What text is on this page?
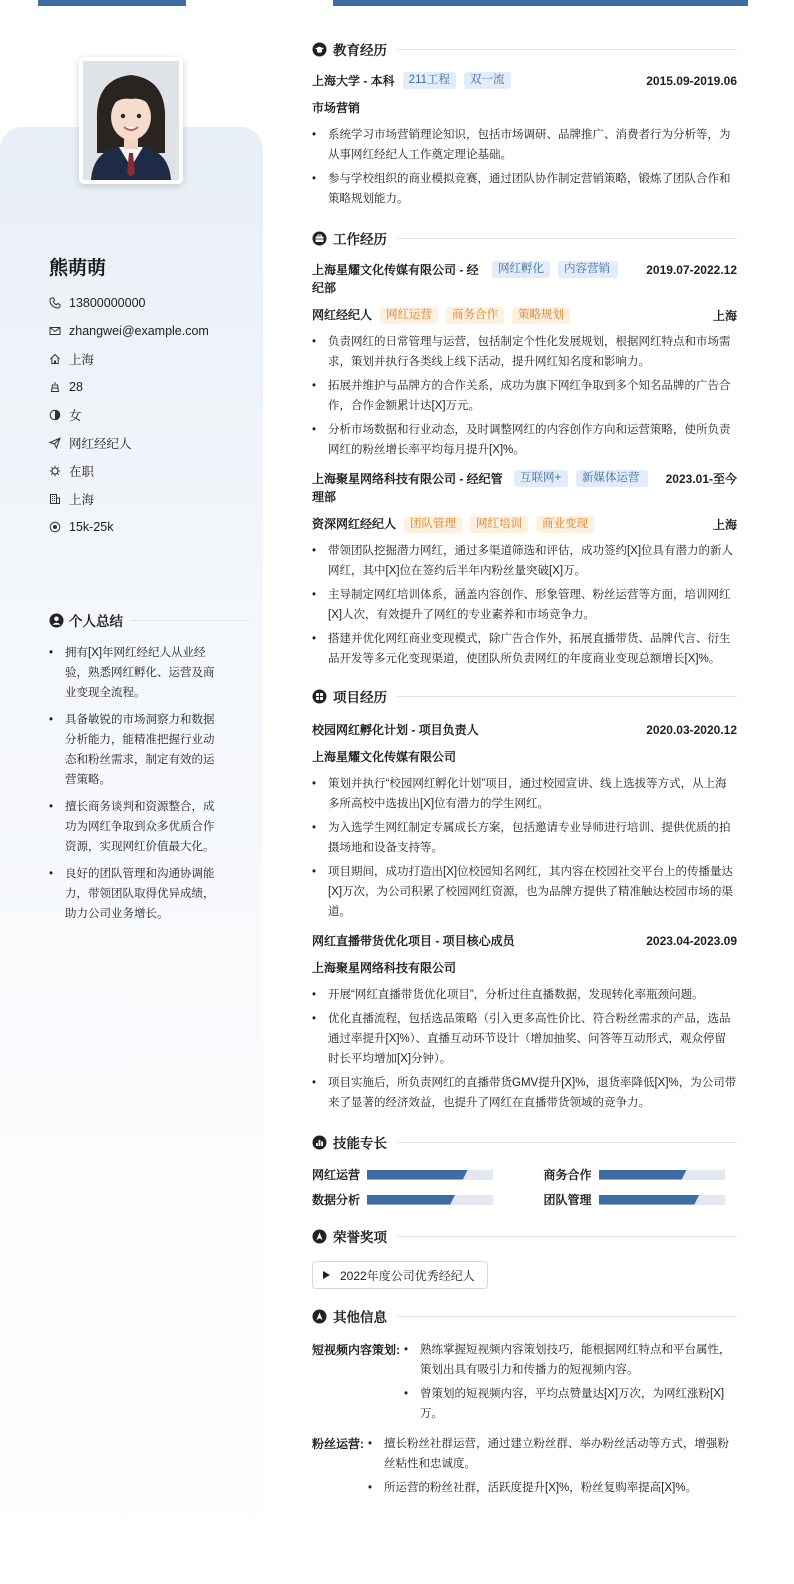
熊萌萌
13800000000
zhangwei@example.com
上海
28
女
网红经纪人
在职
上海
15k-25k
个人总结
• 拥有[X]年网红经纪人从业经验，熟悉网红孵化、运营及商业变现全流程。
• 具备敏锐的市场洞察力和数据分析能力，能精准把握行业动态和粉丝需求，制定有效的运营策略。
• 擅长商务谈判和资源整合，成功为网红争取到众多优质合作资源，实现网红价值最大化。
• 良好的团队管理和沟通协调能力，带领团队取得优异成绩，助力公司业务增长。
教育经历
上海大学 - 本科	211工程	双一流	2015.09-2019.06
市场营销
• 系统学习市场营销理论知识，包括市场调研、品牌推广、消费者行为分析等，为从事网红经纪人工作奠定理论基础。
• 参与学校组织的商业模拟竞赛，通过团队协作制定营销策略，锻炼了团队合作和策略规划能力。
工作经历
上海星耀文化传媒有限公司 - 经纪部
网红孵化	内容营销	2019.07-2022.12
网红经纪人	网红运营	商务合作	策略规划	上海
• 负责网红的日常管理与运营，包括制定个性化发展规划，根据网红特点和市场需求，策划并执行各类线上线下活动，提升网红知名度和影响力。
• 拓展并维护与品牌方的合作关系，成功为旗下网红争取到多个知名品牌的广告合作，合作金额累计达[X]万元。
• 分析市场数据和行业动态，及时调整网红的内容创作方向和运营策略，使所负责网红的粉丝增长率平均每月提升[X]%。
上海聚星网络科技有限公司 - 经纪管理部
互联网+	新媒体运营	2023.01-至今
资深网红经纪人	团队管理	网红培训	商业变现	上海
• 带领团队挖掘潜力网红，通过多渠道筛选和评估，成功签约[X]位具有潜力的新人网红，其中[X]位在签约后半年内粉丝量突破[X]万。
• 主导制定网红培训体系，涵盖内容创作、形象管理、粉丝运营等方面，培训网红[X]人次，有效提升了网红的专业素养和市场竞争力。
• 搭建并优化网红商业变现模式，除广告合作外，拓展直播带货、品牌代言、衍生品开发等多元化变现渠道，使团队所负责网红的年度商业变现总额增长[X]%。
项目经历
校园网红孵化计划 - 项目负责人	2020.03-2020.12
上海星耀文化传媒有限公司
• 策划并执行“校园网红孵化计划”项目，通过校园宣讲、线上选拔等方式，从上海多所高校中选拔出[X]位有潜力的学生网红。
• 为入选学生网红制定专属成长方案，包括邀请专业导师进行培训、提供优质的拍摄场地和设备支持等。
• 项目期间，成功打造出[X]位校园知名网红，其内容在校园社交平台上的传播量达[X]万次，为公司积累了校园网红资源，也为品牌方提供了精准触达校园市场的渠道。
网红直播带货优化项目 - 项目核心成员	2023.04-2023.09
上海聚星网络科技有限公司
• 开展“网红直播带货优化项目”，分析过往直播数据，发现转化率瓶颈问题。
• 优化直播流程，包括选品策略（引入更多高性价比、符合粉丝需求的产品，选品通过率提升[X]%）、直播互动环节设计（增加抽奖、问答等互动形式，观众停留时长平均增加[X]分钟）。
• 项目实施后，所负责网红的直播带货GMV提升[X]%，退货率降低[X]%，为公司带来了显著的经济效益，也提升了网红在直播带货领域的竞争力。
技能专长
网红运营	商务合作
数据分析	团队管理
荣誉奖项
2022年度公司优秀经纪人
其他信息
短视频内容策划:	• 熟练掌握短视频内容策划技巧，能根据网红特点和平台属性，策划出具有吸引力和传播力的短视频内容。
• 曾策划的短视频内容，平均点赞量达[X]万次，为网红涨粉[X]万。
粉丝运营:	• 擅长粉丝社群运营，通过建立粉丝群、举办粉丝活动等方式，增强粉丝粘性和忠诚度。
• 所运营的粉丝社群，活跃度提升[X]%，粉丝复购率提高[X]%。
